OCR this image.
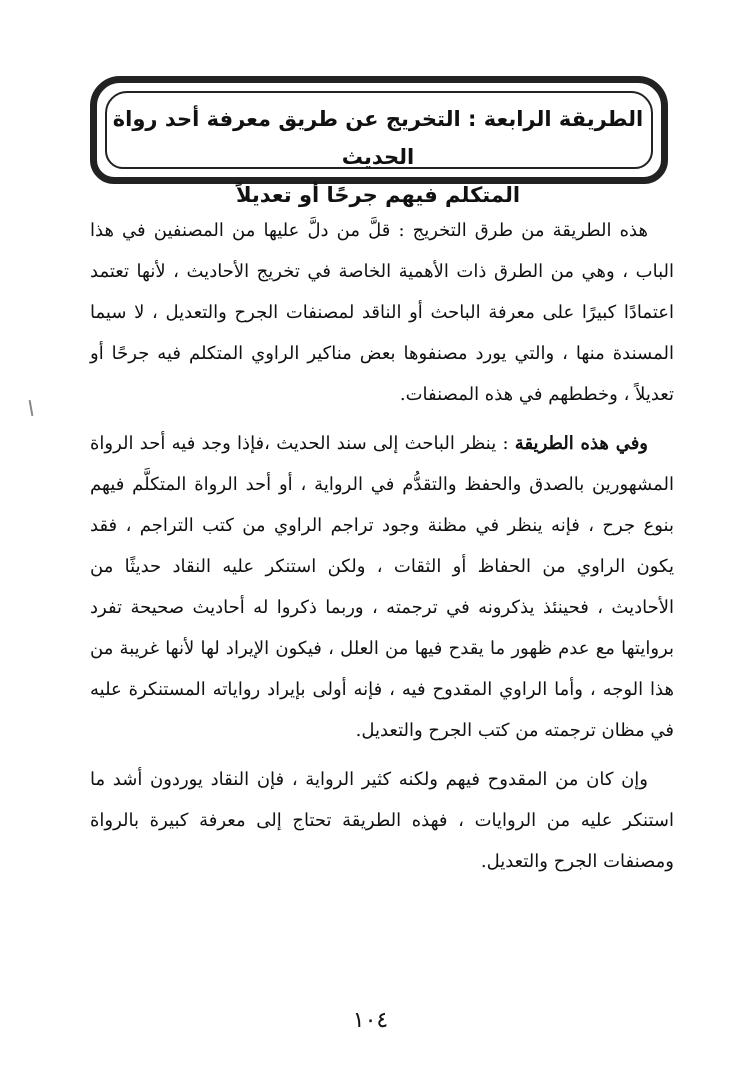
الطريقة الرابعة : التخريج عن طريق معرفة أحد رواة الحديث
المتكلم فيهم جرحًا أو تعديلاً

هذه الطريقة من طرق التخريج : قلَّ من دلَّ عليها من المصنفين في هذا الباب ، وهي من الطرق ذات الأهمية الخاصة في تخريج الأحاديث ، لأنها تعتمد اعتمادًا كبيرًا على معرفة الباحث أو الناقد لمصنفات الجرح والتعديل ، لا سيما المسندة منها ، والتي يورد مصنفوها بعض مناكير الراوي المتكلم فيه جرحًا أو تعديلاً ، وخططهم في هذه المصنفات.

وفي هذه الطريقة : ينظر الباحث إلى سند الحديث ،فإذا وجد فيه أحد الرواة المشهورين بالصدق والحفظ والتقدُّم في الرواية ، أو أحد الرواة المتكلَّم فيهم بنوع جرح ، فإنه ينظر في مظنة وجود تراجم الراوي من كتب التراجم ، فقد يكون الراوي من الحفاظ أو الثقات ، ولكن استنكر عليه النقاد حديثًا من الأحاديث ، فحينئذ يذكرونه في ترجمته ، وربما ذكروا له أحاديث صحيحة تفرد بروايتها مع عدم ظهور ما يقدح فيها من العلل ، فيكون الإيراد لها لأنها غريبة من هذا الوجه ، وأما الراوي المقدوح فيه ، فإنه أولى بإيراد رواياته المستنكرة عليه في مظان ترجمته من كتب الجرح والتعديل.

وإن كان من المقدوح فيهم ولكنه كثير الرواية ، فإن النقاد يوردون أشد ما استنكر عليه من الروايات ، فهذه الطريقة تحتاج إلى معرفة كبيرة بالرواة ومصنفات الجرح والتعديل.

١٠٤
